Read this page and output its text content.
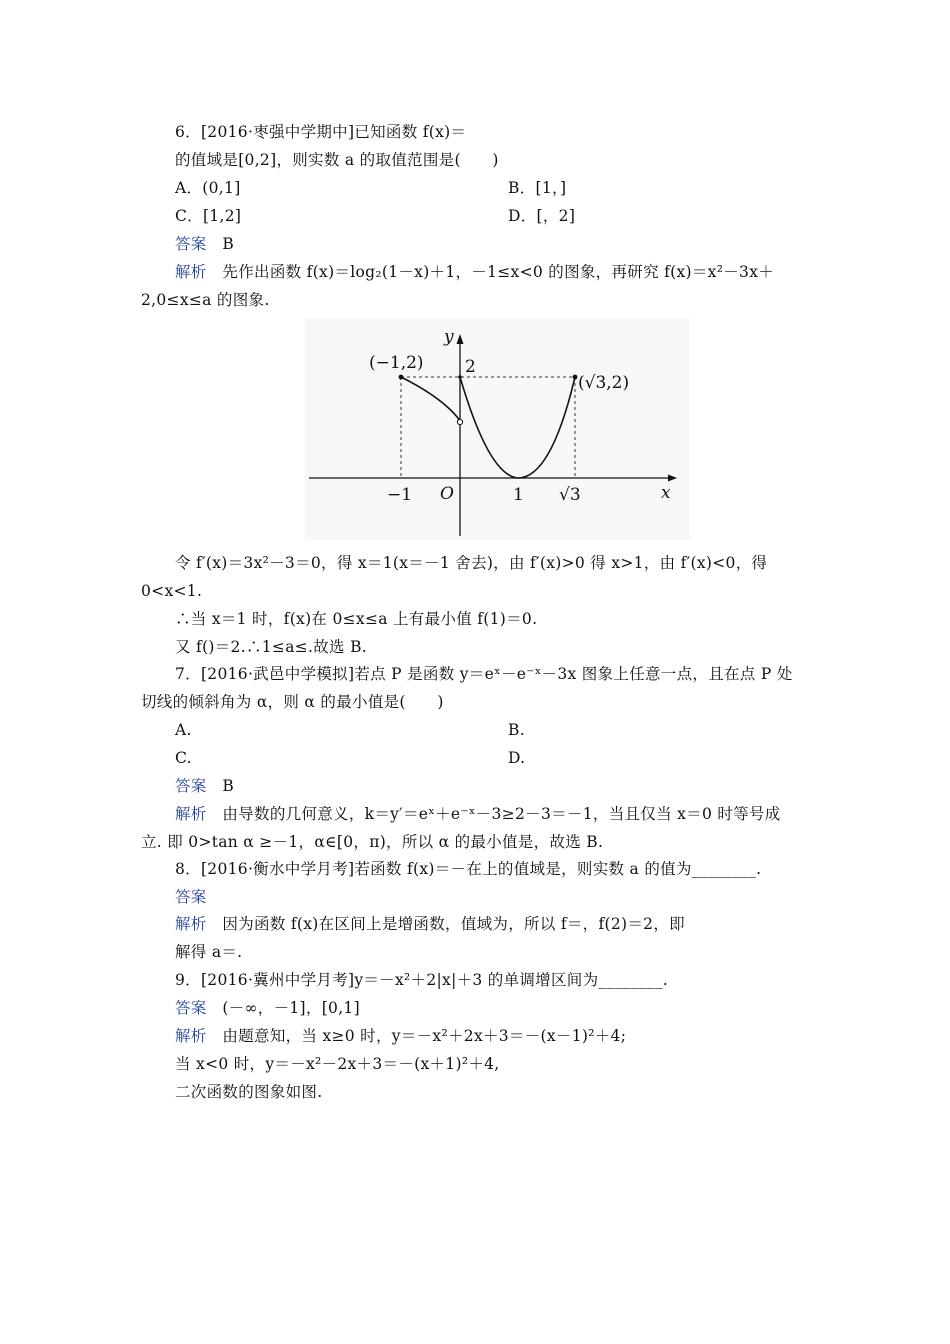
6．[2016·枣强中学期中]已知函数 f(x)＝
的值域是[0,2]，则实数 a 的取值范围是(　　)
A．(0,1]	B．[1，]
C．[1,2]	D．[，2]
答案　 B
解析　 先作出函数 f(x)＝log₂(1－x)＋1，－1≤x<0 的图象，再研究 f(x)＝x²－3x＋
2,0≤x≤a 的图象.
y
x
O
(−1,2)
(√3,2)
2
−1	1 √3
令 f′(x)＝3x²－3＝0，得 x＝1(x＝－1 舍去)，由 f′(x)>0 得 x>1，由 f′(x)<0，得
0<x<1.
∴当 x＝1 时，f(x)在 0≤x≤a 上有最小值 f(1)＝0.
又 f()＝2.∴1≤a≤.故选 B.
7．[2016·武邑中学模拟]若点 P 是函数 y＝eˣ－e⁻ˣ－3x 图象上任意一点，且在点 P 处
切线的倾斜角为 α，则 α 的最小值是(　　)
A.	B.
C.	D.
答案　 B
解析　 由导数的几何意义，k＝y′＝eˣ＋e⁻ˣ－3≥2－3＝－1，当且仅当 x＝0 时等号成
立. 即 0>tan α ≥－1，α∈[0，π)，所以 α 的最小值是，故选 B.
8．[2016·衡水中学月考]若函数 f(x)＝－在上的值域是，则实数 a 的值为________.
答案
解析　 因为函数 f(x)在区间上是增函数，值域为，所以 f＝，f(2)＝2，即
解得 a＝.
9．[2016·冀州中学月考]y＝－x²＋2|x|＋3 的单调增区间为________.
答案　 (－∞，－1]，[0,1]
解析　 由题意知，当 x≥0 时，y＝－x²＋2x＋3＝－(x－1)²＋4;
当 x<0 时，y＝－x²－2x＋3＝－(x＋1)²＋4,
二次函数的图象如图.
